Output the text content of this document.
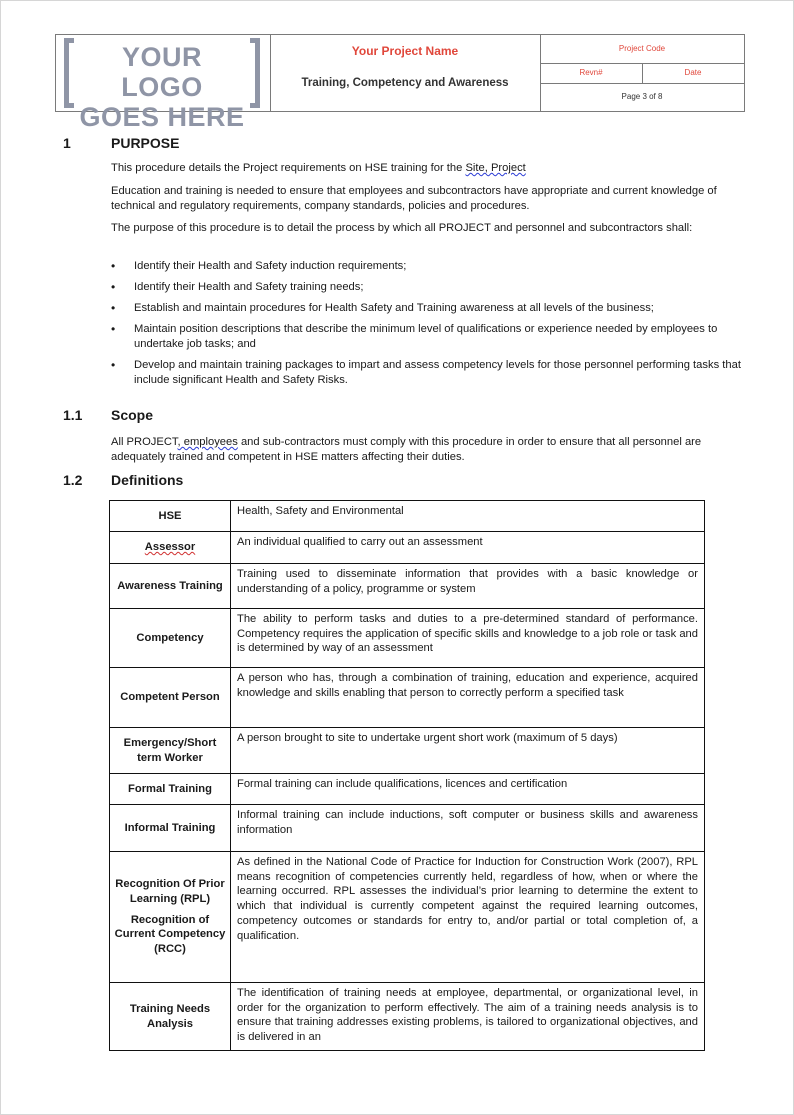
YOUR LOGO GOES HERE
Your Project Name
Training, Competency and Awareness
Project Code
Revn#	Date
Page 3 of 8
1	PURPOSE
This procedure details the Project requirements on HSE training for the Site, Project
Education and training is needed to ensure that employees and subcontractors have appropriate and current knowledge of technical and regulatory requirements, company standards, policies and procedures.
The purpose of this procedure is to detail the process by which all PROJECT and personnel and subcontractors shall:
• Identify their Health and Safety induction requirements;
• Identify their Health and Safety training needs;
• Establish and maintain procedures for Health Safety and Training awareness at all levels of the business;
• Maintain position descriptions that describe the minimum level of qualifications or experience needed by employees to undertake job tasks; and
• Develop and maintain training packages to impart and assess competency levels for those personnel performing tasks that include significant Health and Safety Risks.
1.1 Scope
All PROJECT, employees and sub-contractors must comply with this procedure in order to ensure that all personnel are adequately trained and competent in HSE matters affecting their duties.
1.2 Definitions
HSE	Health, Safety and Environmental
Assessor	An individual qualified to carry out an assessment
Awareness Training	Training used to disseminate information that provides with a basic knowledge or understanding of a policy, programme or system
Competency	The ability to perform tasks and duties to a pre-determined standard of performance. Competency requires the application of specific skills and knowledge to a job role or task and is determined by way of an assessment
Competent Person	A person who has, through a combination of training, education and experience, acquired knowledge and skills enabling that person to correctly perform a specified task
Emergency/Short term Worker	A person brought to site to undertake urgent short work (maximum of 5 days)
Formal Training	Formal training can include qualifications, licences and certification
Informal Training	Informal training can include inductions, soft computer or business skills and awareness information
Recognition Of Prior Learning (RPL)
Recognition of Current Competency (RCC)	As defined in the National Code of Practice for Induction for Construction Work (2007), RPL means recognition of competencies currently held, regardless of how, when or where the learning occurred. RPL assesses the individual’s prior learning to determine the extent to which that individual is currently competent against the required learning outcomes, competency outcomes or standards for entry to, and/or partial or total completion of, a qualification.
Training Needs Analysis	The identification of training needs at employee, departmental, or organizational level, in order for the organization to perform effectively. The aim of a training needs analysis is to ensure that training addresses existing problems, is tailored to organizational objectives, and is delivered in an
